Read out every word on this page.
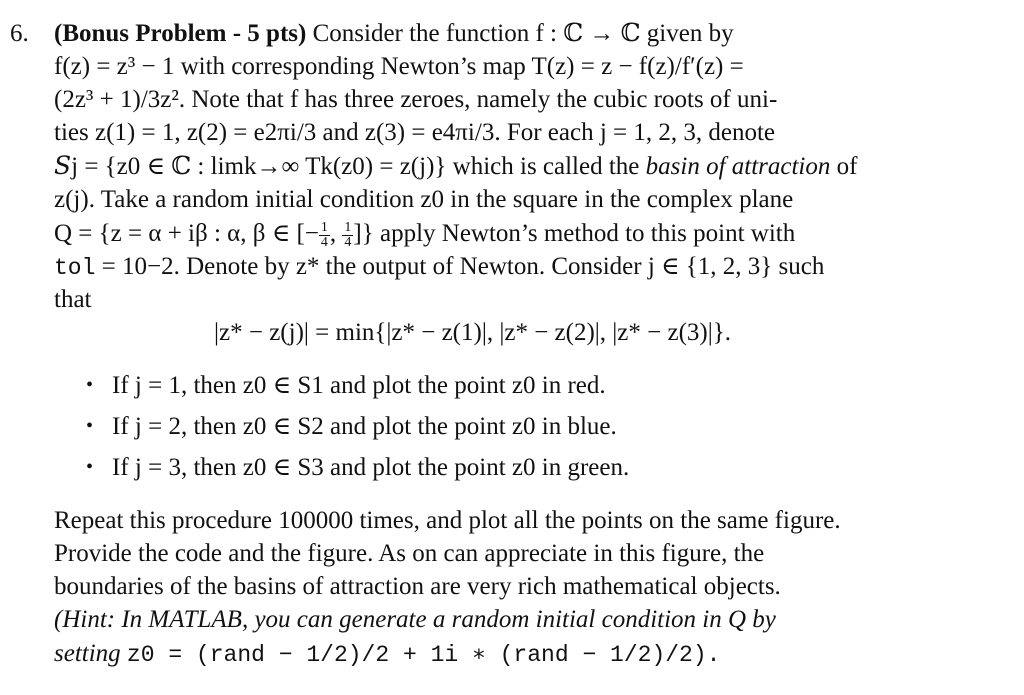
6. (Bonus Problem - 5 pts) Consider the function f : ℂ → ℂ given by
f(z) = z³ − 1 with corresponding Newton’s map T(z) = z − f(z)/f′(z) =
(2z³ + 1)/3z². Note that f has three zeroes, namely the cubic roots of uni-
ties z(1) = 1, z(2) = e2πi/3 and z(3) = e4πi/3. For each j = 1, 2, 3, denote
Sj = {z0 ∈ ℂ : limk→∞ Tk(z0) = z(j)} which is called the basin of attraction of
z(j). Take a random initial condition z0 in the square in the complex plane
Q = {z = α + iβ : α, β ∈ [− $\frac{1}{4}$ , $\frac{1}{4}$ ]} apply Newton’s method to this point with
tol = 10−2. Denote by z* the output of Newton. Consider j ∈ {1, 2, 3} such
that
|z* − z(j)| = min{|z* − z(1)|, |z* − z(2)|, |z* − z(3)|}.
• If j = 1, then z0 ∈ S1 and plot the point z0 in red.
• If j = 2, then z0 ∈ S2 and plot the point z0 in blue.
• If j = 3, then z0 ∈ S3 and plot the point z0 in green.
Repeat this procedure 100000 times, and plot all the points on the same figure.
Provide the code and the figure. As on can appreciate in this figure, the
boundaries of the basins of attraction are very rich mathematical objects.
(Hint: In MATLAB, you can generate a random initial condition in Q by
setting z0 = (rand − 1/2)/2 + 1i ∗ (rand − 1/2)/2).
